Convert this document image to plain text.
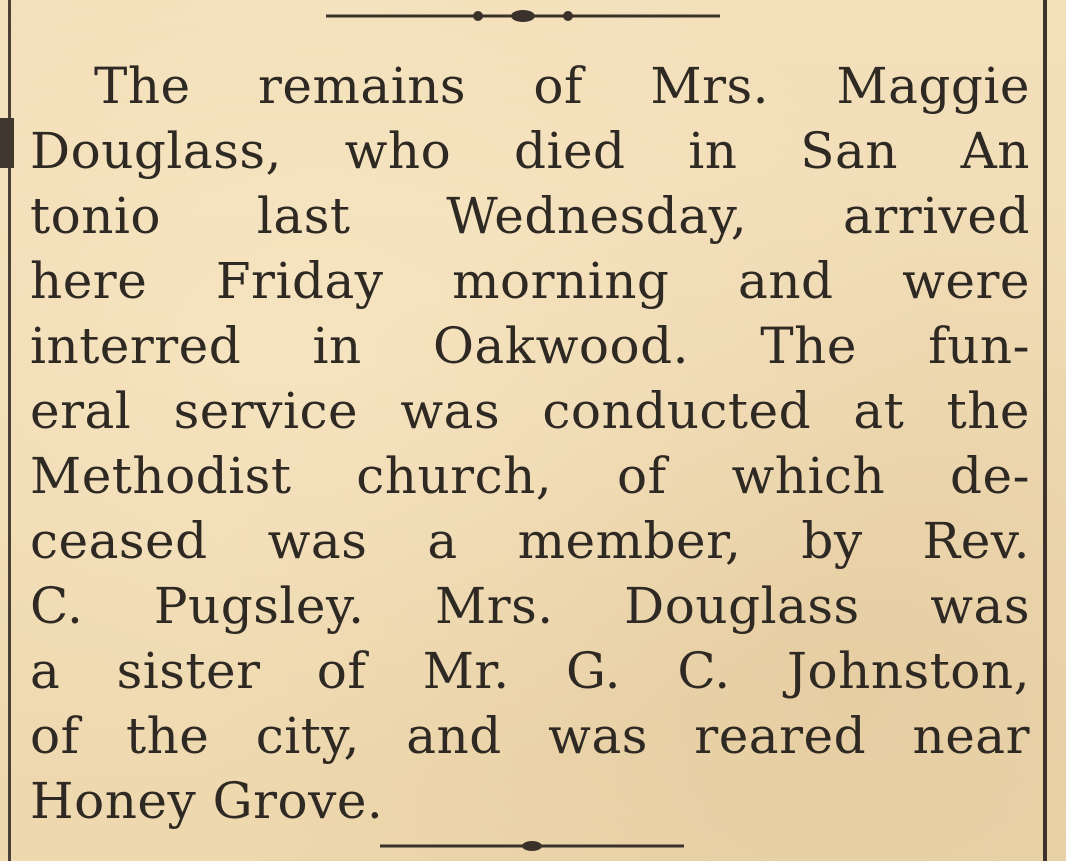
The remains of Mrs. Maggie
Douglass, who died in San An
tonio last Wednesday, arrived
here Friday morning and were
interred in Oakwood. The fun-
eral service was conducted at the
Methodist church, of which de-
ceased was a member, by Rev.
C. Pugsley. Mrs. Douglass was
a sister of Mr. G. C. Johnston,
of the city, and was reared near
Honey Grove.
